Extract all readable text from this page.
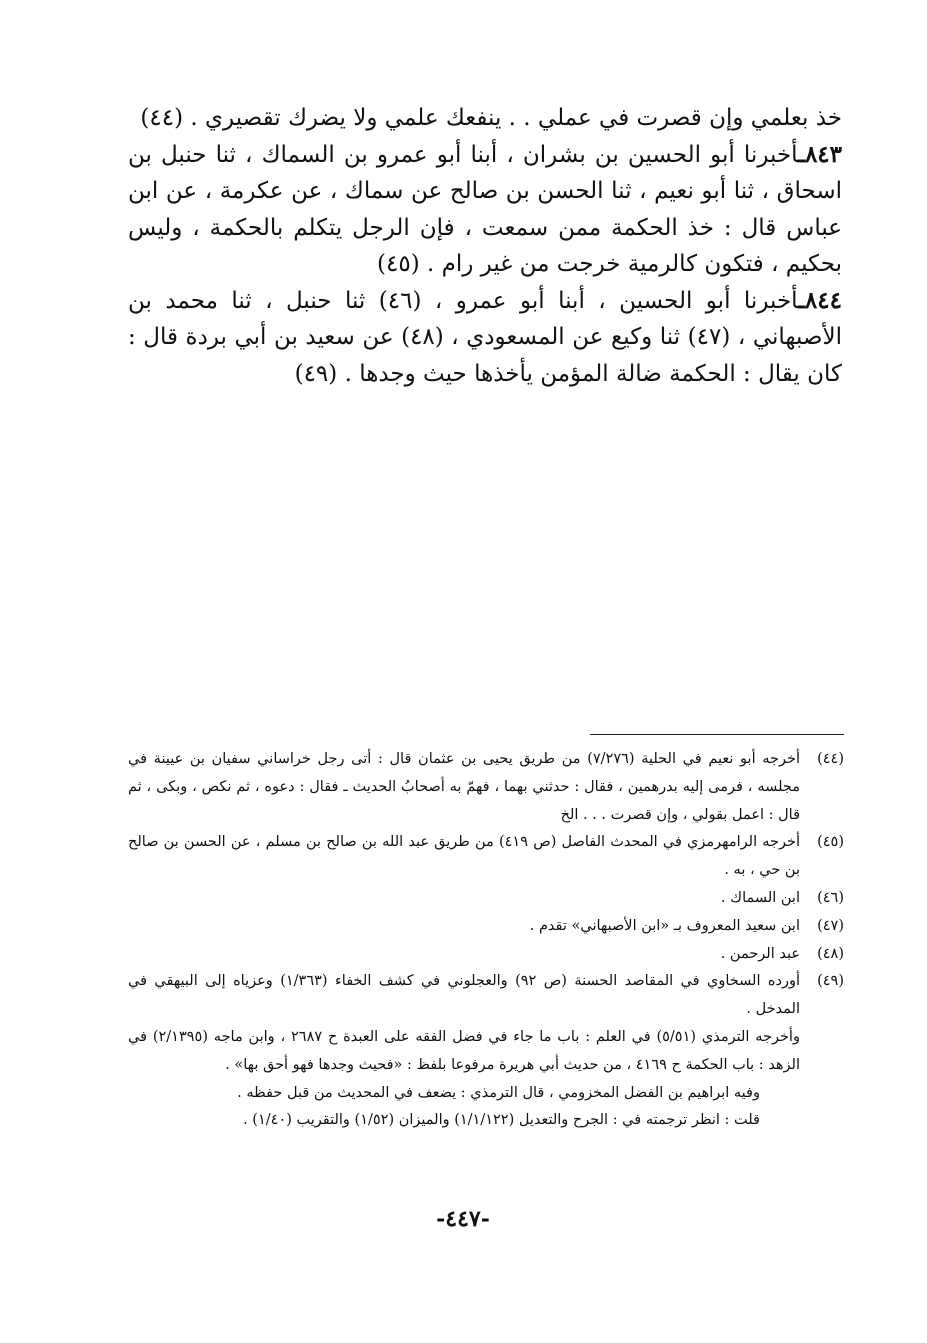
خذ بعلمي وإن قصرت في عملي . . ينفعك علمي ولا يضرك تقصيري . (٤٤)

٨٤٣ـأخبرنا أبو الحسين بن بشران ، أبنا أبو عمرو بن السماك ، ثنا حنبل بن اسحاق ، ثنا أبو نعيم ، ثنا الحسن بن صالح عن سماك ، عن عكرمة ، عن ابن عباس قال : خذ الحكمة ممن سمعت ، فإن الرجل يتكلم بالحكمة ، وليس بحكيم ، فتكون كالرمية خرجت من غير رام . (٤٥)

٨٤٤ـأخبرنا أبو الحسين ، أبنا أبو عمرو ، (٤٦) ثنا حنبل ، ثنا محمد بن الأصبهاني ، (٤٧) ثنا وكيع عن المسعودي ، (٤٨) عن سعيد بن أبي بردة قال : كان يقال : الحكمة ضالة المؤمن يأخذها حيث وجدها . (٤٩)

(٤٤)
أخرجه أبو نعيم في الحلية (٧/٢٧٦) من طريق يحيى بن عثمان قال : أتى رجل خراساني سفيان بن عيينة في مجلسه ، فرمى إليه بدرهمين ، فقال : حدثني بهما ، فهمّ به أصحابُ الحديث ـ فقال : دعوه ، ثم نكص ، وبكى ، ثم قال : اعمل بقولي ، وإن قصرت . . . الخ
(٤٥)
أخرجه الرامهرمزي في المحدث الفاصل (ص ٤١٩) من طريق عبد الله بن صالح بن مسلم ، عن الحسن بن صالح بن حي ، به .
(٤٦)
ابن السماك .
(٤٧)
ابن سعيد المعروف بـ «ابن الأصبهاني» تقدم .
(٤٨)
عبد الرحمن .
(٤٩)
أورده السخاوي في المقاصد الحسنة (ص ٩٢) والعجلوني في كشف الخفاء (١/٣٦٣) وعزياه إلى البيهقي في المدخل .
وأخرجه الترمذي (٥/٥١) في العلم : باب ما جاء في فضل الفقه على العبدة ح ٢٦٨٧ ، وابن ماجه (٢/١٣٩٥) في الزهد : باب الحكمة ح ٤١٦٩ ، من حديث أبي هريرة مرفوعا بلفظ : «فحيث وجدها فهو أحق بها» .
وفيه ابراهيم بن الفضل المخزومي ، قال الترمذي : يضعف في المحديث من قبل حفظه .
قلت : انظر ترجمته في : الجرح والتعديل (١/١/١٢٢) والميزان (١/٥٢) والتقريب (١/٤٠) .
-٤٤٧-
